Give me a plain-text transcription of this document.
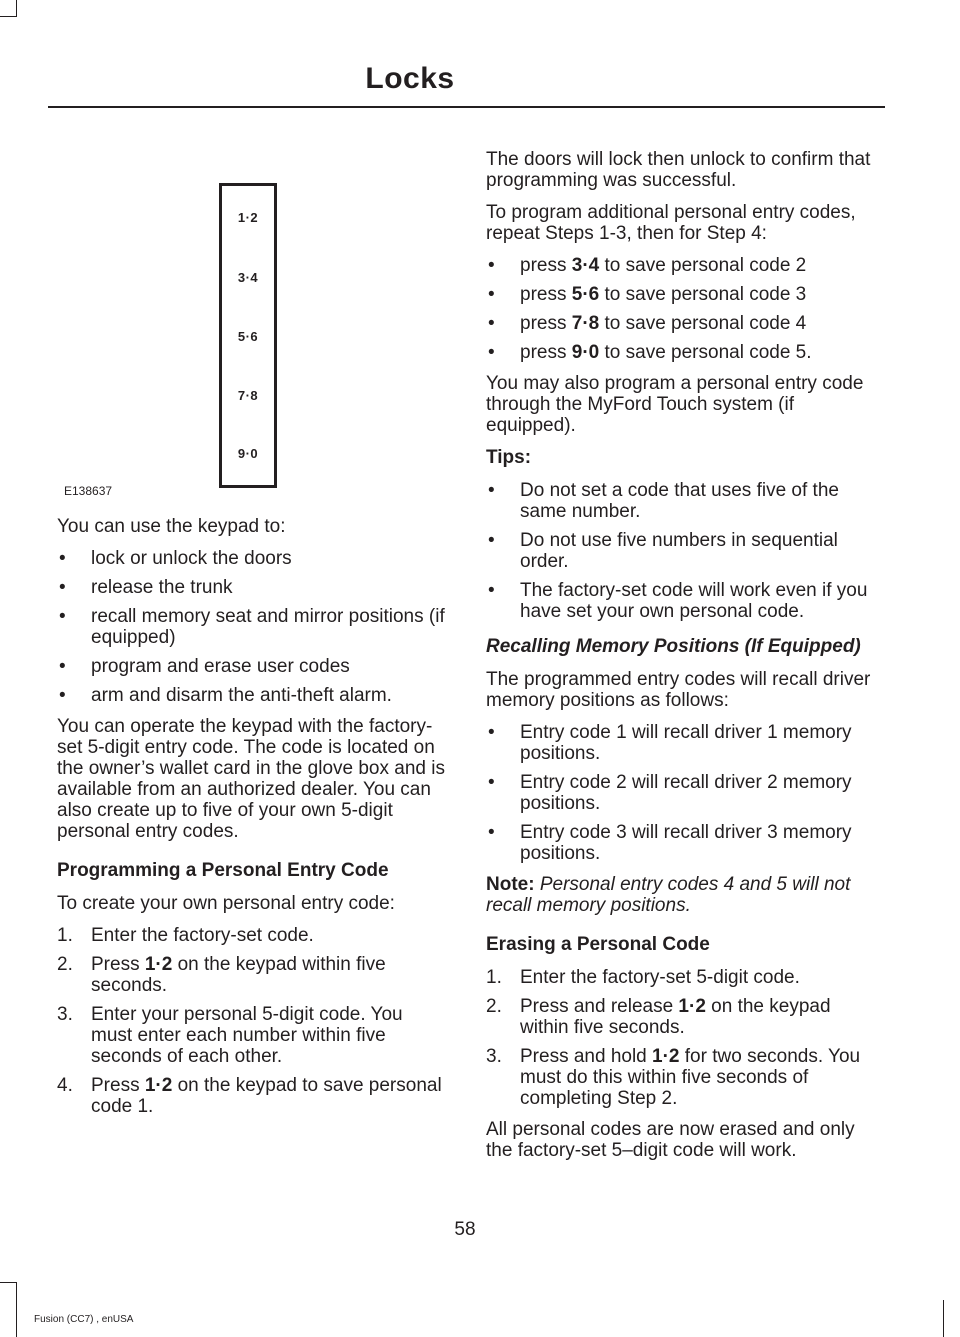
Locks
1·2
3·4
5·6
7·8
9·0
E138637

You can use the keypad to:

• lock or unlock the doors
• release the trunk
• recall memory seat and mirror positions (if equipped)
• program and erase user codes
• arm and disarm the anti-theft alarm.

You can operate the keypad with the factory-set 5-digit entry code. The code is located on the owner’s wallet card in the glove box and is available from an authorized dealer. You can also create up to five of your own 5-digit personal entry codes.

Programming a Personal Entry Code

To create your own personal entry code:

1. Enter the factory-set code.
2. Press 1·2 on the keypad within five seconds.
3. Enter your personal 5-digit code. You must enter each number within five seconds of each other.
4. Press 1·2 on the keypad to save personal code 1.

The doors will lock then unlock to confirm that programming was successful.

To program additional personal entry codes, repeat Steps 1-3, then for Step 4:

• press 3·4 to save personal code 2
• press 5·6 to save personal code 3
• press 7·8 to save personal code 4
• press 9·0 to save personal code 5.

You may also program a personal entry code through the MyFord Touch system (if equipped).

Tips:
• Do not set a code that uses five of the same number.
• Do not use five numbers in sequential order.
• The factory-set code will work even if you have set your own personal code.
Recalling Memory Positions (If Equipped)

The programmed entry codes will recall driver memory positions as follows:

• Entry code 1 will recall driver 1 memory positions.
• Entry code 2 will recall driver 2 memory positions.
• Entry code 3 will recall driver 3 memory positions.

Note: Personal entry codes 4 and 5 will not recall memory positions.

Erasing a Personal Code
1. Enter the factory-set 5-digit code.
2. Press and release 1·2 on the keypad within five seconds.
3. Press and hold 1·2 for two seconds. You must do this within five seconds of completing Step 2.

All personal codes are now erased and only the factory-set 5–digit code will work.

58
Fusion (CC7) , enUSA
